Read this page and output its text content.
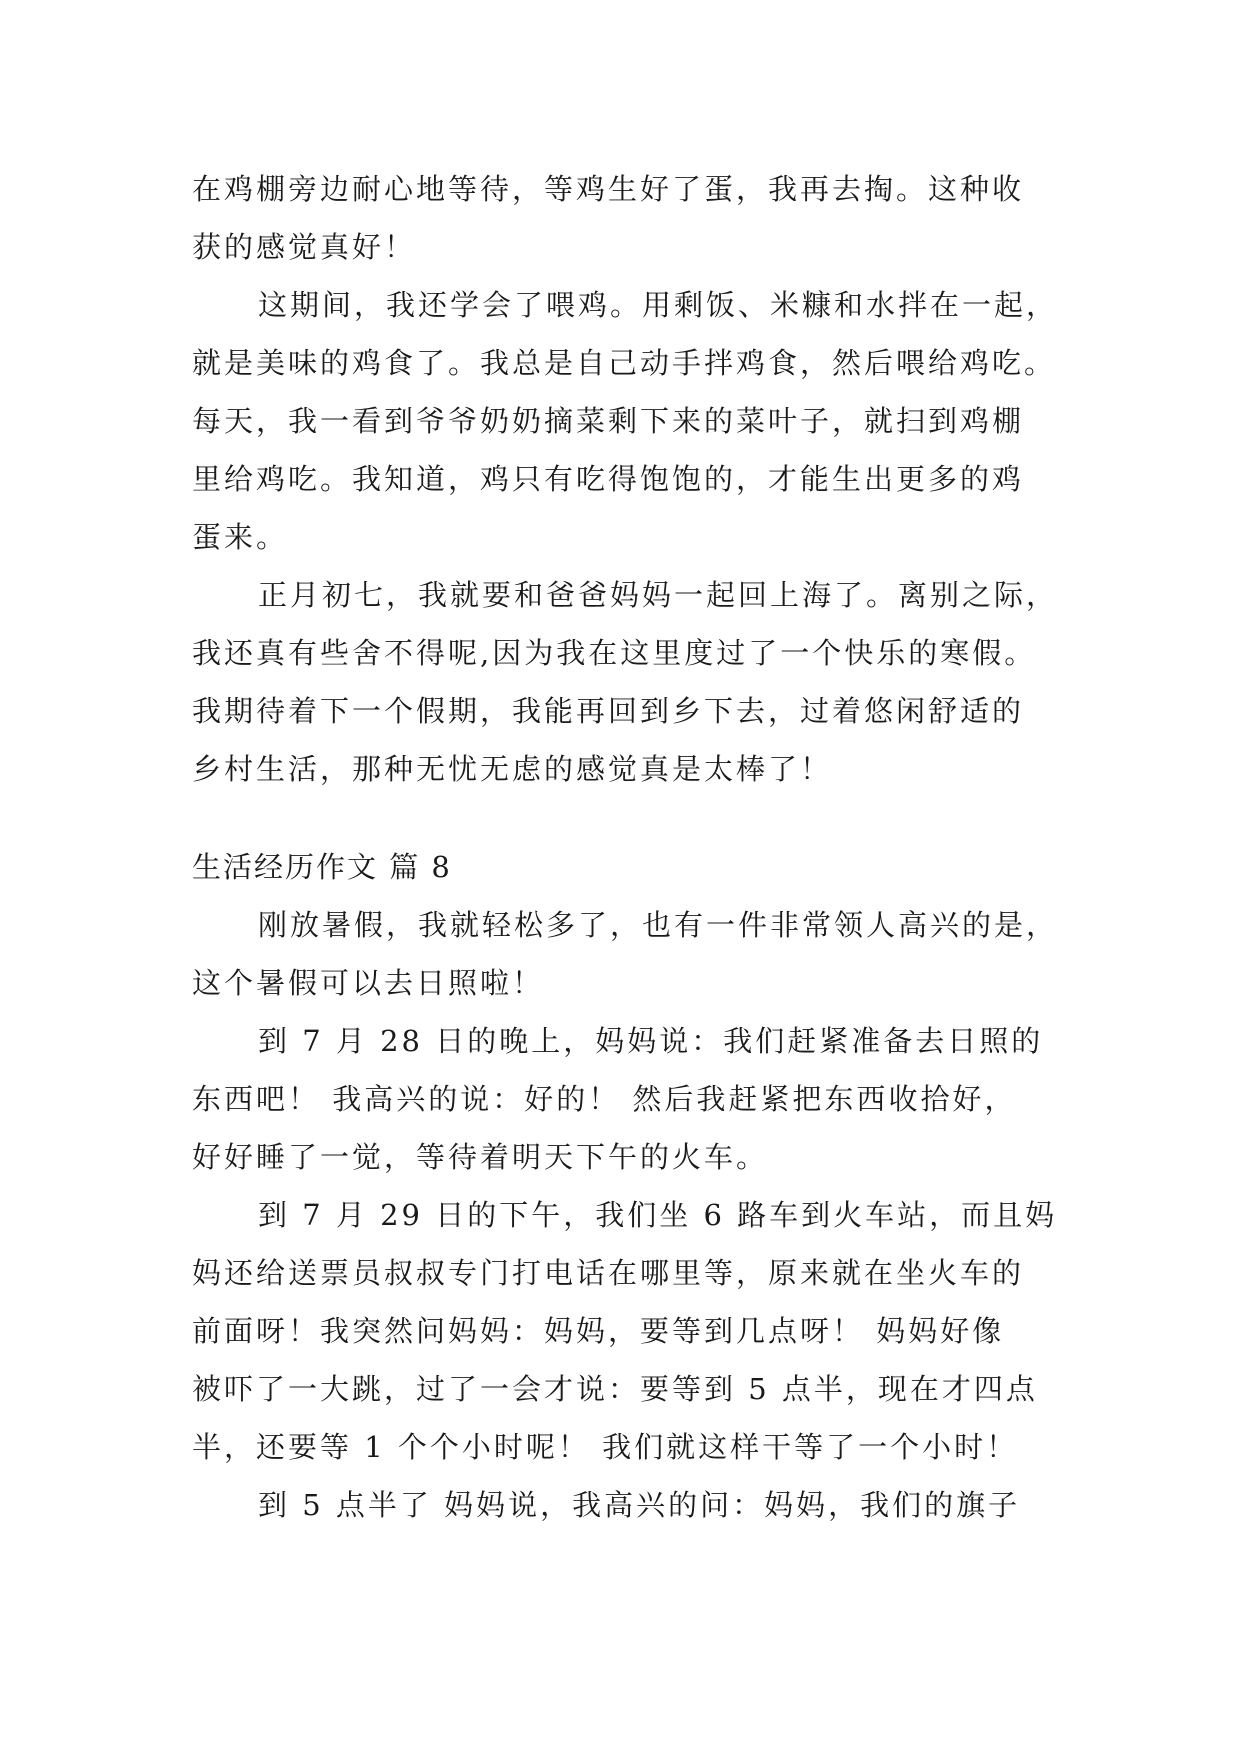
在鸡棚旁边耐心地等待，等鸡生好了蛋，我再去掏。这种收
获的感觉真好！
这期间，我还学会了喂鸡。用剩饭、米糠和水拌在一起，
就是美味的鸡食了。我总是自己动手拌鸡食，然后喂给鸡吃。
每天，我一看到爷爷奶奶摘菜剩下来的菜叶子，就扫到鸡棚
里给鸡吃。我知道，鸡只有吃得饱饱的，才能生出更多的鸡
蛋来。
正月初七，我就要和爸爸妈妈一起回上海了。离别之际，
我还真有些舍不得呢,因为我在这里度过了一个快乐的寒假。
我期待着下一个假期，我能再回到乡下去，过着悠闲舒适的
乡村生活，那种无忧无虑的感觉真是太棒了！
生活经历作文 篇 8
刚放暑假，我就轻松多了，也有一件非常领人高兴的是，
这个暑假可以去日照啦！
到 7 月 28 日的晚上，妈妈说：我们赶紧准备去日照的
东西吧！ 我高兴的说：好的！ 然后我赶紧把东西收拾好，
好好睡了一觉，等待着明天下午的火车。
到 7 月 29 日的下午，我们坐 6 路车到火车站，而且妈
妈还给送票员叔叔专门打电话在哪里等，原来就在坐火车的
前面呀！我突然问妈妈：妈妈，要等到几点呀！ 妈妈好像
被吓了一大跳，过了一会才说：要等到 5 点半，现在才四点
半，还要等 1 个个小时呢！ 我们就这样干等了一个小时！
到 5 点半了 妈妈说，我高兴的问：妈妈，我们的旗子
